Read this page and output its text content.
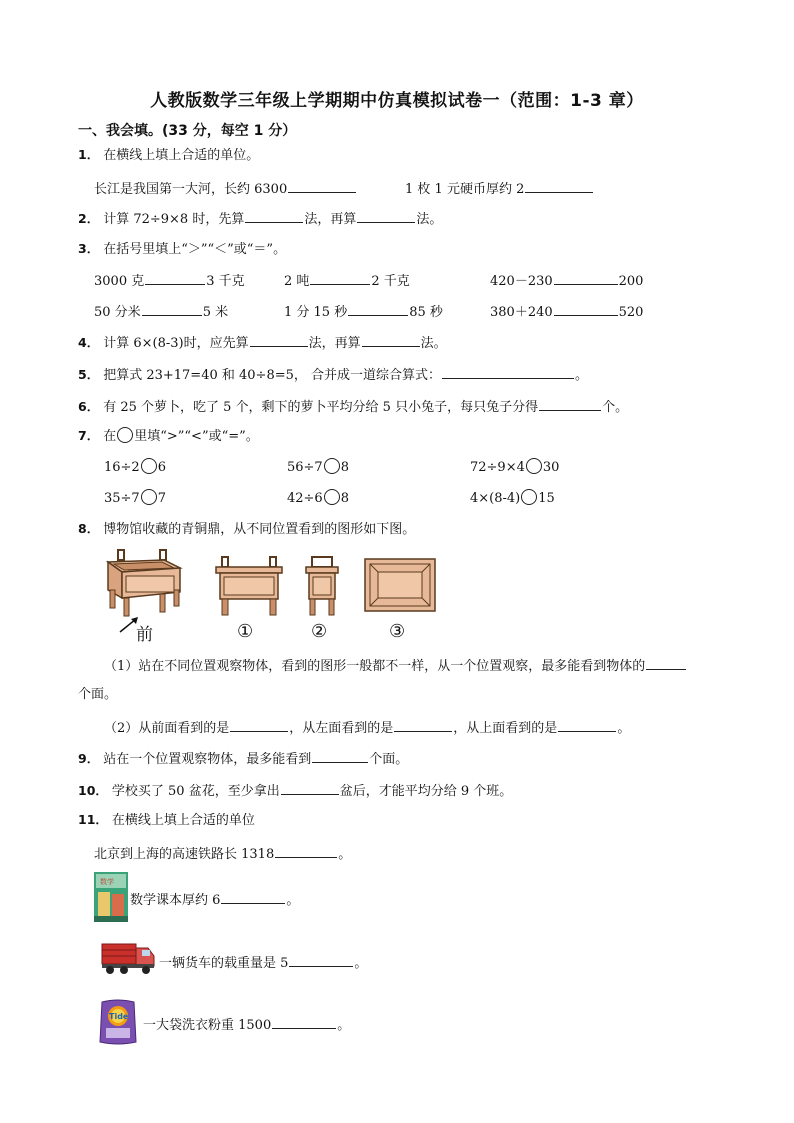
人教版数学三年级上学期期中仿真模拟试卷一（范围：1-3 章）
一、我会填。(33 分，每空 1 分）
1． 在横线上填上合适的单位。
长江是我国第一大河，长约 6300	1 枚 1 元硬币厚约 2
2． 计算 72÷9×8 时，先算	法，再算	法。
3． 在括号里填上“＞”“＜”或“＝”。
3000 克	3 千克	2 吨	2 千克	420－230	200
50 分米	5 米	1 分 15 秒	85 秒	380＋240	520
4． 计算 6×(8-3)时，应先算	法，再算	法。
5． 把算式 23+17=40 和 40÷8=5， 合并成一道综合算式：	。
6． 有 25 个萝卜，吃了 5 个，剩下的萝卜平均分给 5 只小兔子，每只兔子分得	个。
7． 在 里填“>”“<”或“=”。
16÷2 6	56÷7 8	72÷9×4 30
35÷7 7	42÷6 8	4×(8-4) 15
8． 博物馆收藏的青铜鼎，从不同位置看到的图形如下图。
前	①	②	③
（1）站在不同位置观察物体，看到的图形一般都不一样，从一个位置观察，最多能看到物体的
个面。
（2）从前面看到的是	，从左面看到的是	，从上面看到的是	。
9． 站在一个位置观察物体，最多能看到	个面。
10． 学校买了 50 盆花，至少拿出	盆后，才能平均分给 9 个班。
11． 在横线上填上合适的单位
北京到上海的高速铁路长 1318	。
数学
数学课本厚约 6	。
一辆货车的载重量是 5	。
Tide
一大袋洗衣粉重 1500	。
